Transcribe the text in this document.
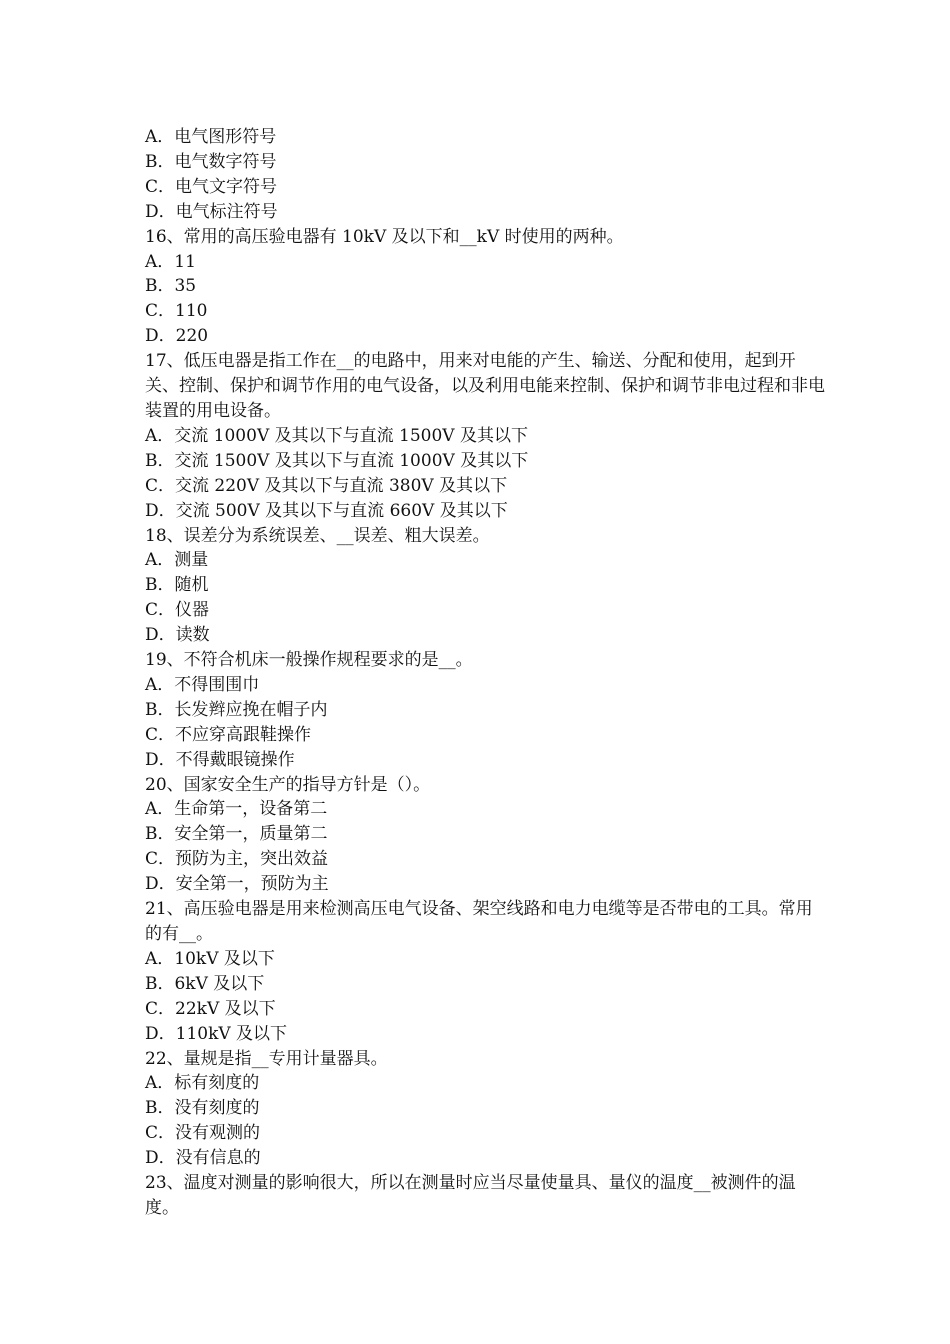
A．电气图形符号
B．电气数字符号
C．电气文字符号
D．电气标注符号
16、常用的高压验电器有 10kV 及以下和__kV 时使用的两种。
A．11
B．35
C．110
D．220
17、低压电器是指工作在__的电路中，用来对电能的产生、输送、分配和使用，起到开关、控制、保护和调节作用的电气设备，以及利用电能来控制、保护和调节非电过程和非电装置的用电设备。
A．交流 1000V 及其以下与直流 1500V 及其以下
B．交流 1500V 及其以下与直流 1000V 及其以下
C．交流 220V 及其以下与直流 380V 及其以下
D．交流 500V 及其以下与直流 660V 及其以下
18、误差分为系统误差、__误差、粗大误差。
A．测量
B．随机
C．仪器
D．读数
19、不符合机床一般操作规程要求的是__。
A．不得围围巾
B．长发辫应挽在帽子内
C．不应穿高跟鞋操作
D．不得戴眼镜操作
20、国家安全生产的指导方针是（）。
A．生命第一，设备第二
B．安全第一，质量第二
C．预防为主，突出效益
D．安全第一，预防为主
21、高压验电器是用来检测高压电气设备、架空线路和电力电缆等是否带电的工具。常用的有__。
A．10kV 及以下
B．6kV 及以下
C．22kV 及以下
D．110kV 及以下
22、量规是指__专用计量器具。
A．标有刻度的
B．没有刻度的
C．没有观测的
D．没有信息的
23、温度对测量的影响很大，所以在测量时应当尽量使量具、量仪的温度__被测件的温度。
